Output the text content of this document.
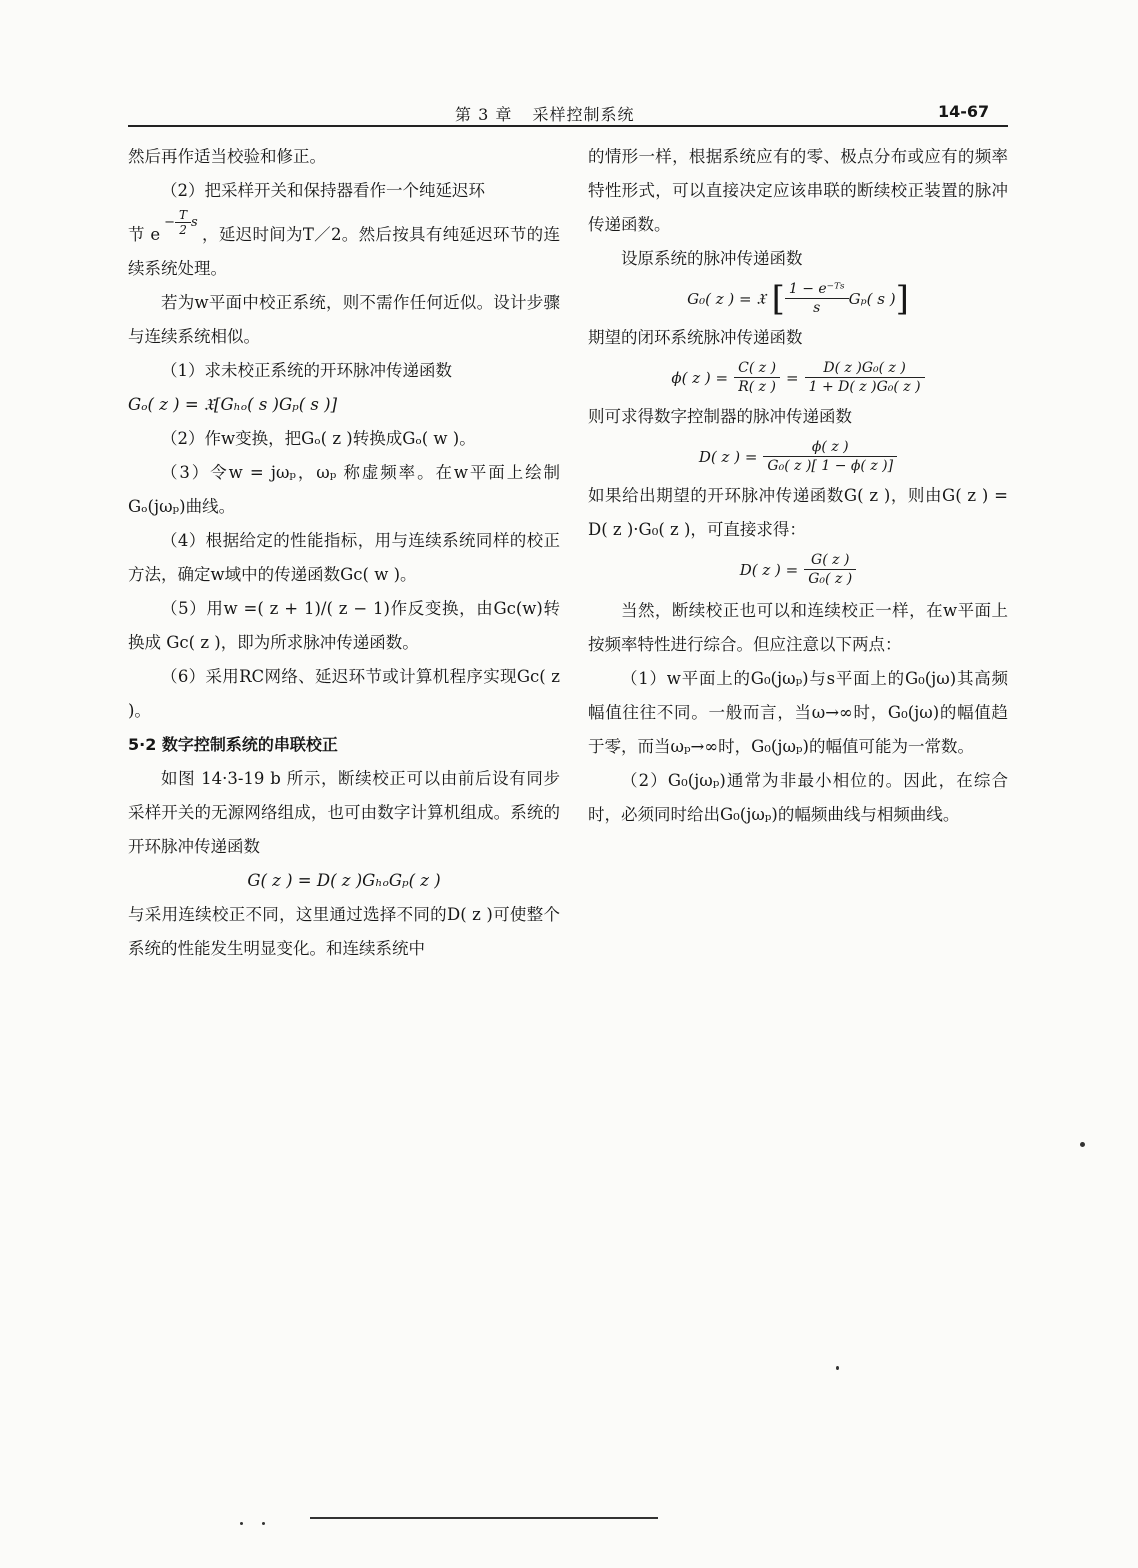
第 3 章 采样控制系统	14-67

然后再作适当校验和修正。

（2）把采样开关和保持器看作一个纯延迟环

节 $e- \frac{T}{2}$ s，延迟时间为T／2。然后按具有纯延迟环节的连续系统处理。

若为w平面中校正系统，则不需作任何近似。设计步骤与连续系统相似。

（1）求未校正系统的开环脉冲传递函数

Gₒ( z ) = 𝔛[Gₕₒ( s )Gₚ( s )]

（2）作w变换，把Gₒ( z )转换成Gₒ( w )。

（3）令w = jωₚ，ωₚ 称虚频率。在w平面上绘制 Gₒ(jωₚ)曲线。

（4）根据给定的性能指标，用与连续系统同样的校正方法，确定w域中的传递函数Gc( w )。

（5）用w =( z + 1)/( z − 1)作反变换，由Gc(w)转换成 Gc( z )，即为所求脉冲传递函数。

（6）采用RC网络、延迟环节或计算机程序实现Gc( z )。

5·2 数字控制系统的串联校正

如图 14·3-19 b 所示，断续校正可以由前后设有同步采样开关的无源网络组成，也可由数字计算机组成。系统的开环脉冲传递函数

G( z ) = D( z )GₕₒGₚ( z )

与采用连续校正不同，这里通过选择不同的D( z )可使整个系统的性能发生明显变化。和连续系统中

的情形一样，根据系统应有的零、极点分布或应有的频率特性形式，可以直接决定应该串联的断续校正装置的脉冲传递函数。

设原系统的脉冲传递函数

G₀( z ) = 𝔛 [ $\frac{\text{1 − e⁻ᵀˢ}}{s} G_p$( s ) ]

期望的闭环系统脉冲传递函数

ϕ( z ) = $\frac{C( z )}{R( z )} = \frac{\text{D( z )G₀( z )}}{\text{1 + D( z )G₀( z )}}$

则可求得数字控制器的脉冲传递函数

D( z ) = $\frac{\phi( z )}{\text{G₀( z )[ 1 − ϕ( z )]}}$

如果给出期望的开环脉冲传递函数G( z )，则由G( z ) = D( z )·G₀( z )，可直接求得：

D( z ) = $\frac{G( z )}{\text{G₀( z )}}$

当然，断续校正也可以和连续校正一样，在w平面上按频率特性进行综合。但应注意以下两点：

（1）w平面上的G₀(jωₚ)与s平面上的G₀(jω)其高频幅值往往不同。一般而言，当ω→∞时，G₀(jω)的幅值趋于零，而当ωₚ→∞时，G₀(jωₚ)的幅值可能为一常数。

（2）G₀(jωₚ)通常为非最小相位的。因此，在综合时，必须同时给出G₀(jωₚ)的幅频曲线与相频曲线。
